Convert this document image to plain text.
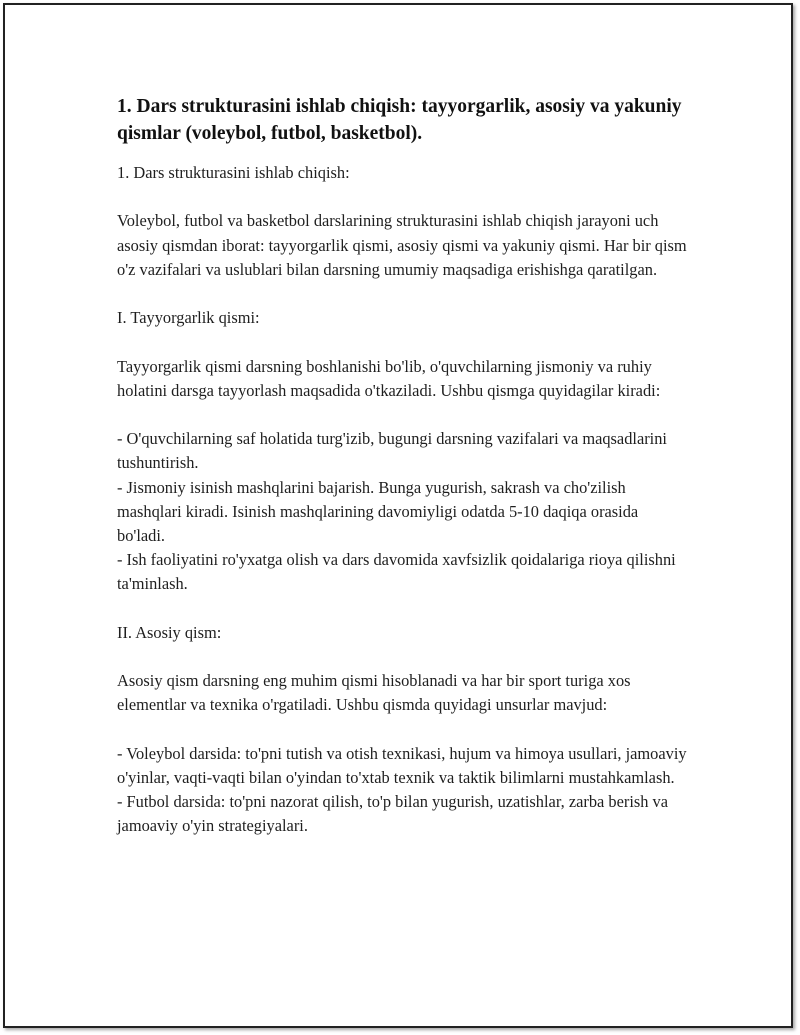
1. Dars strukturasini ishlab chiqish: tayyorgarlik, asosiy va yakuniy qismlar (voleybol, futbol, basketbol).

1. Dars strukturasini ishlab chiqish:

Voleybol, futbol va basketbol darslarining strukturasini ishlab chiqish jarayoni uch asosiy qismdan iborat: tayyorgarlik qismi, asosiy qismi va yakuniy qismi. Har bir qism o'z vazifalari va uslublari bilan darsning umumiy maqsadiga erishishga qaratilgan.

I. Tayyorgarlik qismi:

Tayyorgarlik qismi darsning boshlanishi bo'lib, o'quvchilarning jismoniy va ruhiy holatini darsga tayyorlash maqsadida o'tkaziladi. Ushbu qismga quyidagilar kiradi:

- O'quvchilarning saf holatida turg'izib, bugungi darsning vazifalari va maqsadlarini tushuntirish.
- Jismoniy isinish mashqlarini bajarish. Bunga yugurish, sakrash va cho'zilish mashqlari kiradi. Isinish mashqlarining davomiyligi odatda 5-10 daqiqa orasida bo'ladi.
- Ish faoliyatini ro'yxatga olish va dars davomida xavfsizlik qoidalariga rioya qilishni ta'minlash.

II. Asosiy qism:

Asosiy qism darsning eng muhim qismi hisoblanadi va har bir sport turiga xos elementlar va texnika o'rgatiladi. Ushbu qismda quyidagi unsurlar mavjud:

- Voleybol darsida: to'pni tutish va otish texnikasi, hujum va himoya usullari, jamoaviy o'yinlar, vaqti-vaqti bilan o'yindan to'xtab texnik va taktik bilimlarni mustahkamlash.
- Futbol darsida: to'pni nazorat qilish, to'p bilan yugurish, uzatishlar, zarba berish va jamoaviy o'yin strategiyalari.
